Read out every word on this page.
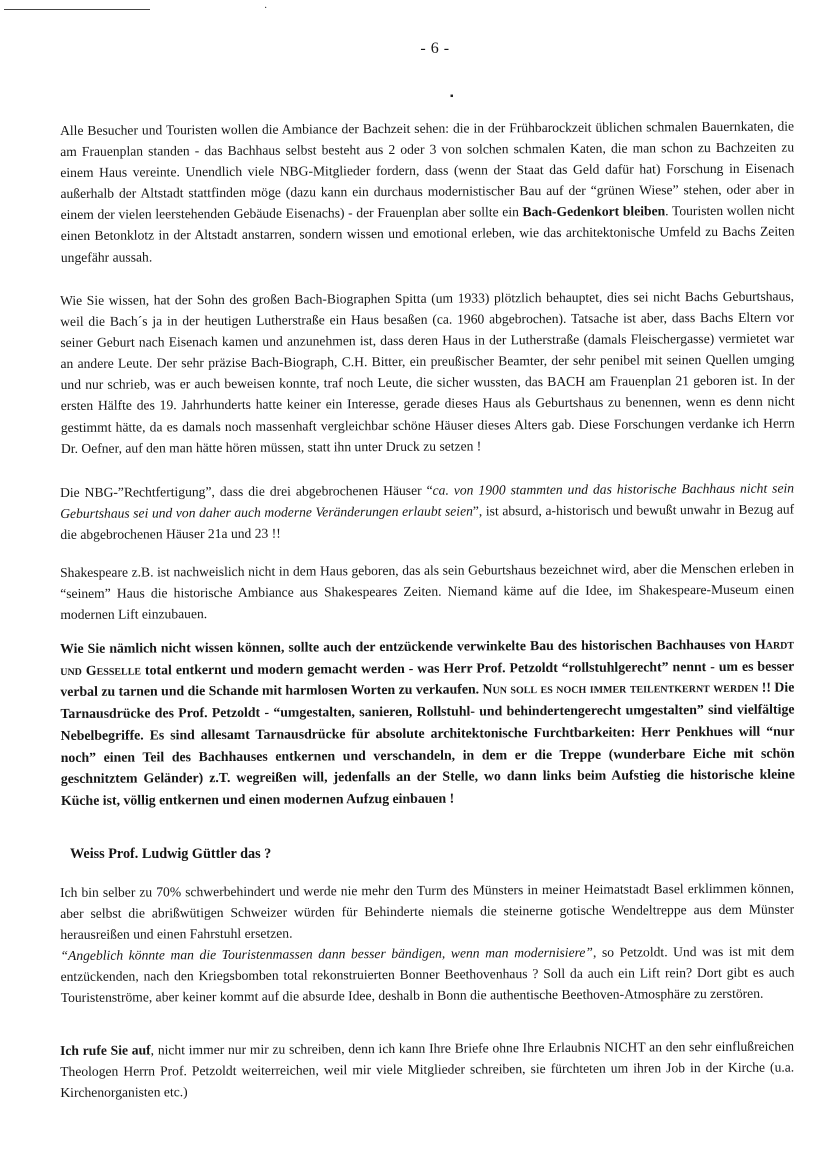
·
▪
- 6 -
Alle Besucher und Touristen wollen die Ambiance der Bachzeit sehen: die in der Frühbarockzeit üblichen schmalen Bauernkaten, die am Frauenplan standen - das Bachhaus selbst besteht aus 2 oder 3 von solchen schmalen Katen, die man schon zu Bachzeiten zu einem Haus vereinte. Unendlich viele NBG-Mitglieder fordern, dass (wenn der Staat das Geld dafür hat) Forschung in Eisenach außerhalb der Altstadt stattfinden möge (dazu kann ein durchaus modernistischer Bau auf der “grünen Wiese” stehen, oder aber in einem der vielen leerstehenden Gebäude Eisenachs) - der Frauenplan aber sollte ein Bach-Gedenkort bleiben. Touristen wollen nicht einen Betonklotz in der Altstadt anstarren, sondern wissen und emotional erleben, wie das architektonische Umfeld zu Bachs Zeiten ungefähr aussah.
Wie Sie wissen, hat der Sohn des großen Bach-Biographen Spitta (um 1933) plötzlich behauptet, dies sei nicht Bachs Geburtshaus, weil die Bach´s ja in der heutigen Lutherstraße ein Haus besaßen (ca. 1960 abgebrochen). Tatsache ist aber, dass Bachs Eltern vor seiner Geburt nach Eisenach kamen und anzunehmen ist, dass deren Haus in der Lutherstraße (damals Fleischergasse) vermietet war an andere Leute. Der sehr präzise Bach-Biograph, C.H. Bitter, ein preußischer Beamter, der sehr penibel mit seinen Quellen umging und nur schrieb, was er auch beweisen konnte, traf noch Leute, die sicher wussten, das BACH am Frauenplan 21 geboren ist. In der ersten Hälfte des 19. Jahrhunderts hatte keiner ein Interesse, gerade dieses Haus als Geburtshaus zu benennen, wenn es denn nicht gestimmt hätte, da es damals noch massenhaft vergleichbar schöne Häuser dieses Alters gab. Diese Forschungen verdanke ich Herrn Dr. Oefner, auf den man hätte hören müssen, statt ihn unter Druck zu setzen !
Die NBG-”Rechtfertigung”, dass die drei abgebrochenen Häuser “ca. von 1900 stammten und das historische Bachhaus nicht sein Geburtshaus sei und von daher auch moderne Veränderungen erlaubt seien”, ist absurd, a-historisch und bewußt unwahr in Bezug auf die abgebrochenen Häuser 21a und 23 !!
Shakespeare z.B. ist nachweislich nicht in dem Haus geboren, das als sein Geburtshaus bezeichnet wird, aber die Menschen erleben in “seinem” Haus die historische Ambiance aus Shakespeares Zeiten. Niemand käme auf die Idee, im Shakespeare-Museum einen modernen Lift einzubauen.
Wie Sie nämlich nicht wissen können, sollte auch der entzückende verwinkelte Bau des historischen Bachhauses von Hardt und Gesselle total entkernt und modern gemacht werden - was Herr Prof. Petzoldt “rollstuhlgerecht” nennt - um es besser verbal zu tarnen und die Schande mit harmlosen Worten zu verkaufen. Nun soll es noch immer teilentkernt werden !! Die Tarnausdrücke des Prof. Petzoldt - “umgestalten, sanieren, Rollstuhl- und behindertengerecht umgestalten” sind vielfältige Nebelbegriffe. Es sind allesamt Tarnausdrücke für absolute architektonische Furchtbarkeiten: Herr Penkhues will “nur noch” einen Teil des Bachhauses entkernen und verschandeln, in dem er die Treppe (wunderbare Eiche mit schön geschnitztem Geländer) z.T. wegreißen will, jedenfalls an der Stelle, wo dann links beim Aufstieg die historische kleine Küche ist, völlig entkernen und einen modernen Aufzug einbauen !
Weiss Prof. Ludwig Güttler das ?
Ich bin selber zu 70% schwerbehindert und werde nie mehr den Turm des Münsters in meiner Heimatstadt Basel erklimmen können, aber selbst die abrißwütigen Schweizer würden für Behinderte niemals die steinerne gotische Wendeltreppe aus dem Münster herausreißen und einen Fahrstuhl ersetzen.
“Angeblich könnte man die Touristenmassen dann besser bändigen, wenn man modernisiere”, so Petzoldt. Und was ist mit dem entzückenden, nach den Kriegsbomben total rekonstruierten Bonner Beethovenhaus ? Soll da auch ein Lift rein? Dort gibt es auch Touristenströme, aber keiner kommt auf die absurde Idee, deshalb in Bonn die authentische Beethoven-Atmosphäre zu zerstören.
Ich rufe Sie auf, nicht immer nur mir zu schreiben, denn ich kann Ihre Briefe ohne Ihre Erlaubnis NICHT an den sehr einflußreichen Theologen Herrn Prof. Petzoldt weiterreichen, weil mir viele Mitglieder schreiben, sie fürchteten um ihren Job in der Kirche (u.a. Kirchenorganisten etc.)
